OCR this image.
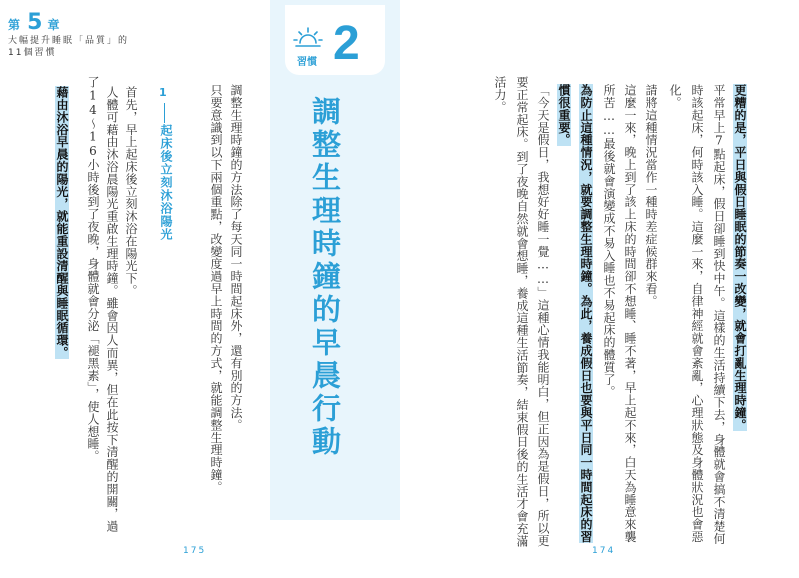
第 5 章
大幅提升睡眠「品質」的
11個習慣
習慣 2
調整生理時鐘的早晨行動
調整生理時鐘的方法除了每天同一時間起床外，還有別的方法。
只要意識到以下兩個重點，改變度過早上時間的方式，就能調整生理時鐘。
1
起床後立刻沐浴陽光
首先，早上起床後立刻沐浴在陽光下。
人體可藉由沐浴晨陽光重啟生理時鐘。雖會因人而異，但在此按下清醒的開關，過
了14～16小時後到了夜晚，身體就會分泌「褪黑素」，使人想睡。
藉由沐浴早晨的陽光，就能重設清醒與睡眠循環。
175
更糟的是，平日與假日睡眠的節奏一改變，就會打亂生理時鐘。
平常早上7點起床，假日卻睡到快中午。這樣的生活持續下去，身體就會搞不清楚何
時該起床，何時該入睡。這麼一來，自律神經就會紊亂，心理狀態及身體狀況也會惡
化。
請將這種情況當作一種時差症候群來看。
這麼一來，晚上到了該上床的時間卻不想睡、睡不著，早上起不來，白天為睡意來襲
所苦……最後就會演變成不易入睡也不易起床的體質了。
為防止這種情況，就要調整生理時鐘。為此，養成假日也要與平日同一時間起床的習
慣很重要。
「今天是假日，我想好好睡一覺……」這種心情我能明白，但正因為是假日，所以更
要正常起床。到了夜晚自然就會想睡，養成這種生活節奏，結束假日後的生活才會充滿
活力。
174
